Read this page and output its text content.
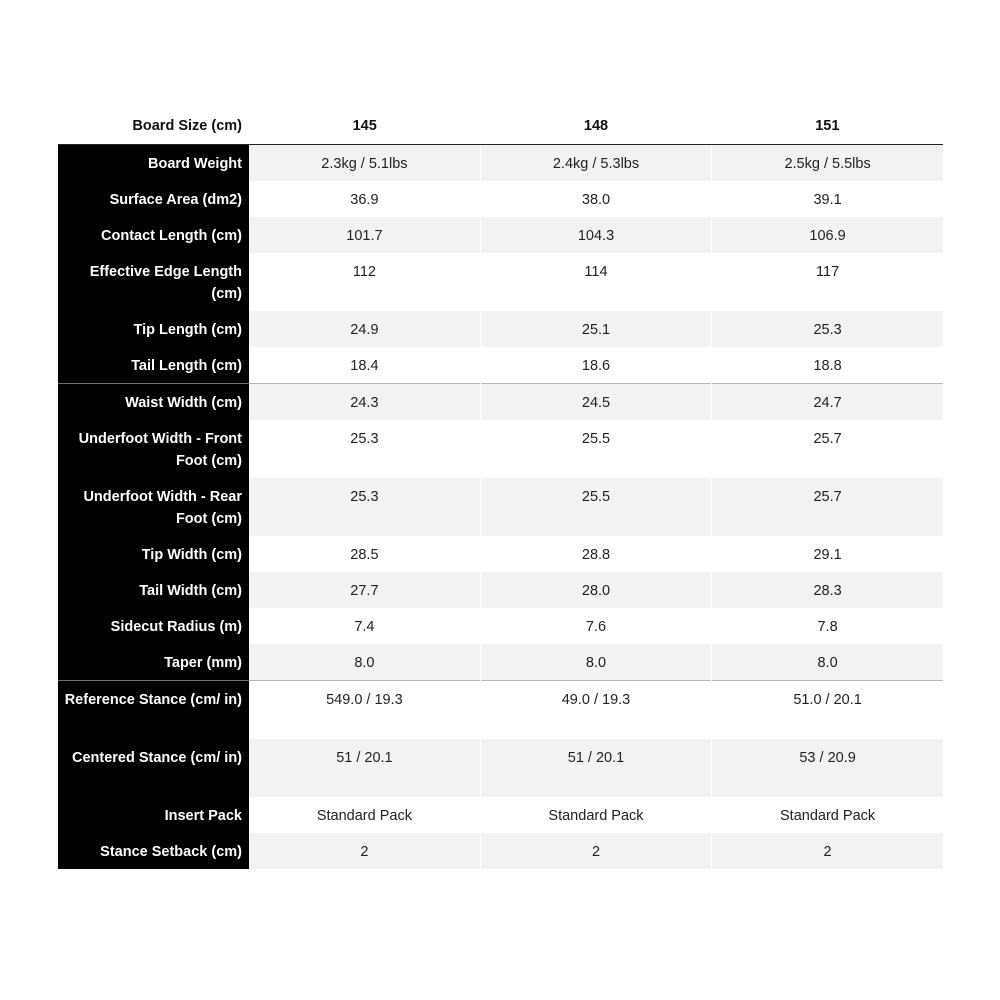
Board Size (cm)	145	148	151
Board Weight	2.3kg / 5.1lbs	2.4kg / 5.3lbs	2.5kg / 5.5lbs
Surface Area (dm2)	36.9	38.0	39.1
Contact Length (cm)	101.7	104.3	106.9
Effective Edge Length (cm)	112	114	117
Tip Length (cm)	24.9	25.1	25.3
Tail Length (cm)	18.4	18.6	18.8
Waist Width (cm)	24.3	24.5	24.7
Underfoot Width - Front Foot (cm)	25.3	25.5	25.7
Underfoot Width - Rear Foot (cm)	25.3	25.5	25.7
Tip Width (cm)	28.5	28.8	29.1
Tail Width (cm)	27.7	28.0	28.3
Sidecut Radius (m)	7.4	7.6	7.8
Taper (mm)	8.0	8.0	8.0
Reference Stance (cm/ in)	549.0 / 19.3	49.0 / 19.3	51.0 / 20.1
Centered Stance (cm/ in)	51 / 20.1	51 / 20.1	53 / 20.9
Insert Pack	Standard Pack	Standard Pack	Standard Pack
Stance Setback (cm)	2	2	2
